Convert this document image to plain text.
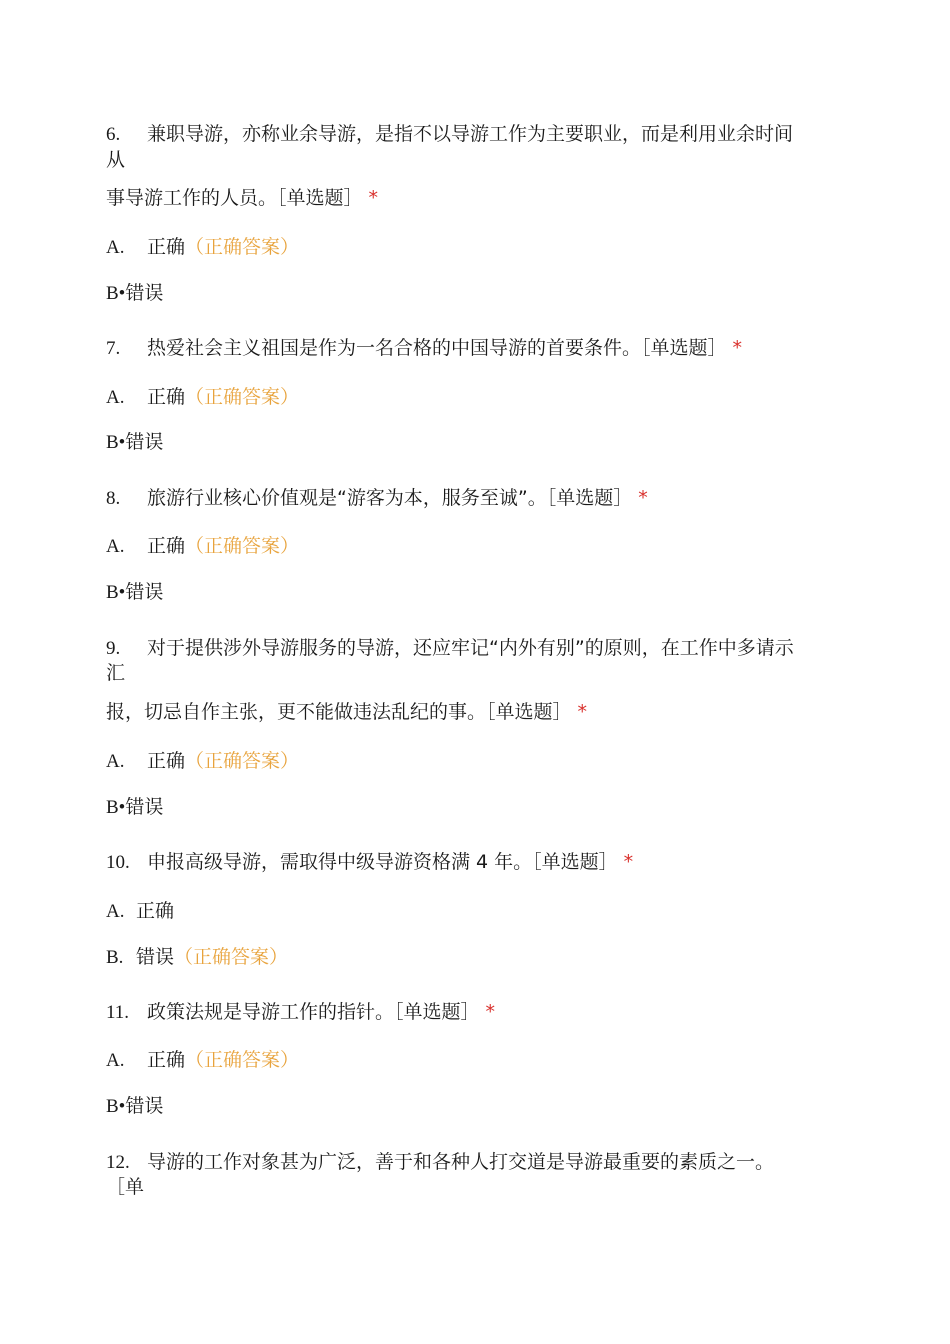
6. 兼职导游，亦称业余导游，是指不以导游工作为主要职业，而是利用业余时间
从
事导游工作的人员。［单选题］ *
A. 正确（正确答案）
B•错误
7. 热爱社会主义祖国是作为一名合格的中国导游的首要条件。［单选题］ *
A. 正确（正确答案）
B•错误
8. 旅游行业核心价值观是“游客为本，服务至诚”。［单选题］ *
A. 正确（正确答案）
B•错误
9. 对于提供涉外导游服务的导游，还应牢记“内外有别”的原则，在工作中多请示
汇
报，切忌自作主张，更不能做违法乱纪的事。［单选题］ *
A. 正确（正确答案）
B•错误
10. 申报高级导游，需取得中级导游资格满 4 年。［单选题］ *
A. 正确
B. 错误（正确答案）
11. 政策法规是导游工作的指针。［单选题］ *
A. 正确（正确答案）
B•错误
12. 导游的工作对象甚为广泛，善于和各种人打交道是导游最重要的素质之一。
［单
